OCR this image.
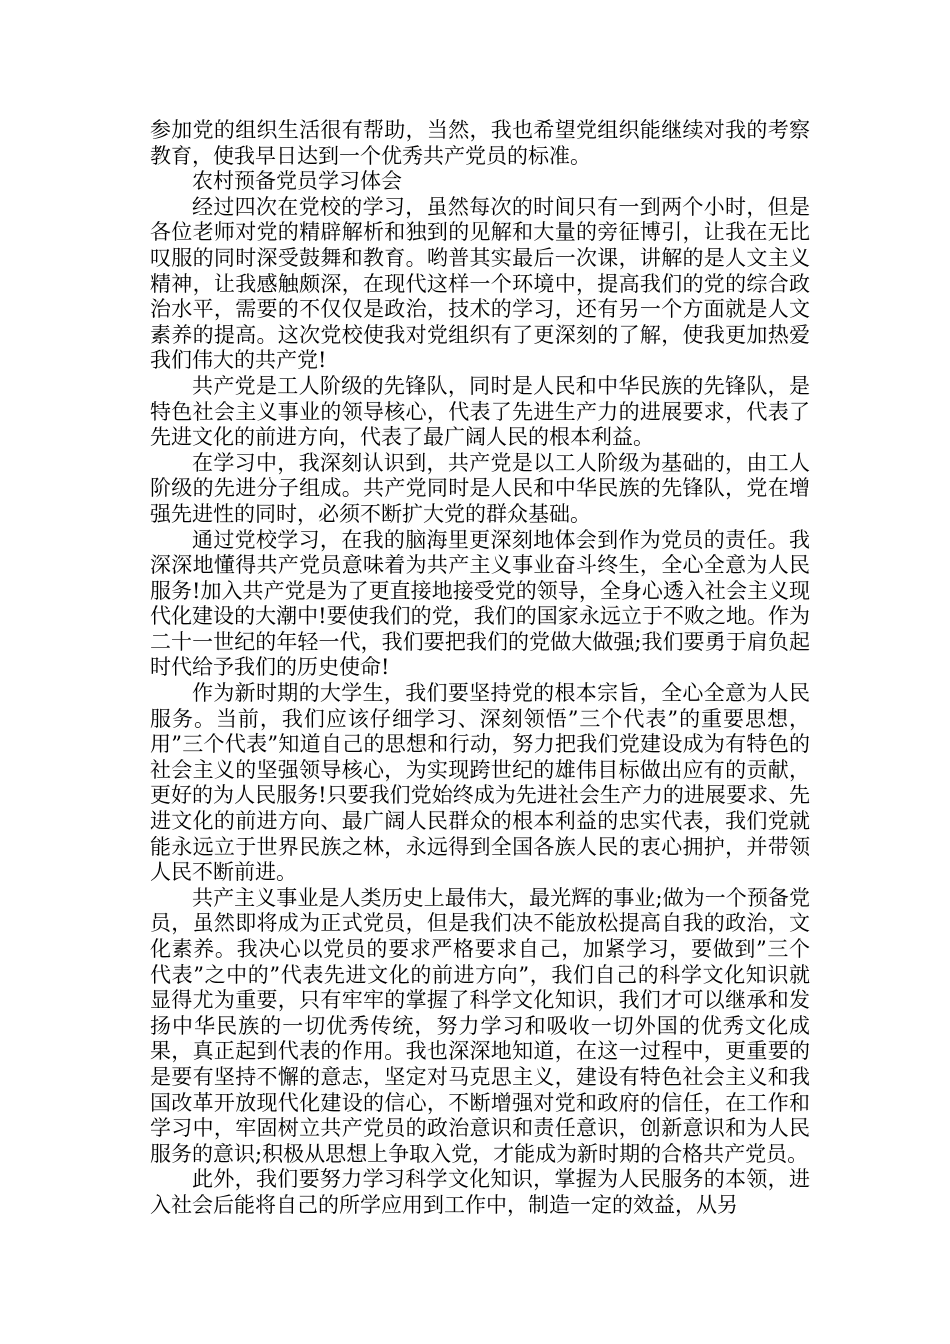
参加党的组织生活很有帮助，当然，我也希望党组织能继续对我的考察教育，使我早日达到一个优秀共产党员的标准。

农村预备党员学习体会

经过四次在党校的学习，虽然每次的时间只有一到两个小时，但是各位老师对党的精辟解析和独到的见解和大量的旁征博引，让我在无比叹服的同时深受鼓舞和教育。哟普其实最后一次课，讲解的是人文主义精神，让我感触颇深，在现代这样一个环境中，提高我们的党的综合政治水平，需要的不仅仅是政治，技术的学习，还有另一个方面就是人文素养的提高。这次党校使我对党组织有了更深刻的了解，使我更加热爱我们伟大的共产党!

共产党是工人阶级的先锋队，同时是人民和中华民族的先锋队，是特色社会主义事业的领导核心，代表了先进生产力的进展要求，代表了先进文化的前进方向，代表了最广阔人民的根本利益。

在学习中，我深刻认识到，共产党是以工人阶级为基础的，由工人阶级的先进分子组成。共产党同时是人民和中华民族的先锋队，党在增强先进性的同时，必须不断扩大党的群众基础。

通过党校学习，在我的脑海里更深刻地体会到作为党员的责任。我深深地懂得共产党员意味着为共产主义事业奋斗终生，全心全意为人民服务!加入共产党是为了更直接地接受党的领导，全身心透入社会主义现代化建设的大潮中!要使我们的党，我们的国家永远立于不败之地。作为二十一世纪的年轻一代，我们要把我们的党做大做强;我们要勇于肩负起时代给予我们的历史使命!

作为新时期的大学生，我们要坚持党的根本宗旨，全心全意为人民服务。当前，我们应该仔细学习、深刻领悟”三个代表”的重要思想，用”三个代表”知道自己的思想和行动，努力把我们党建设成为有特色的社会主义的坚强领导核心，为实现跨世纪的雄伟目标做出应有的贡献，更好的为人民服务!只要我们党始终成为先进社会生产力的进展要求、先进文化的前进方向、最广阔人民群众的根本利益的忠实代表，我们党就能永远立于世界民族之林，永远得到全国各族人民的衷心拥护，并带领人民不断前进。

共产主义事业是人类历史上最伟大，最光辉的事业;做为一个预备党员，虽然即将成为正式党员，但是我们决不能放松提高自我的政治，文化素养。我决心以党员的要求严格要求自己，加紧学习，要做到”三个代表”之中的”代表先进文化的前进方向”，我们自己的科学文化知识就显得尤为重要，只有牢牢的掌握了科学文化知识，我们才可以继承和发扬中华民族的一切优秀传统，努力学习和吸收一切外国的优秀文化成果，真正起到代表的作用。我也深深地知道，在这一过程中，更重要的是要有坚持不懈的意志，坚定对马克思主义，建设有特色社会主义和我国改革开放现代化建设的信心，不断增强对党和政府的信任，在工作和学习中，牢固树立共产党员的政治意识和责任意识，创新意识和为人民服务的意识;积极从思想上争取入党，才能成为新时期的合格共产党员。

此外，我们要努力学习科学文化知识，掌握为人民服务的本领，进入社会后能将自己的所学应用到工作中，制造一定的效益，从另
